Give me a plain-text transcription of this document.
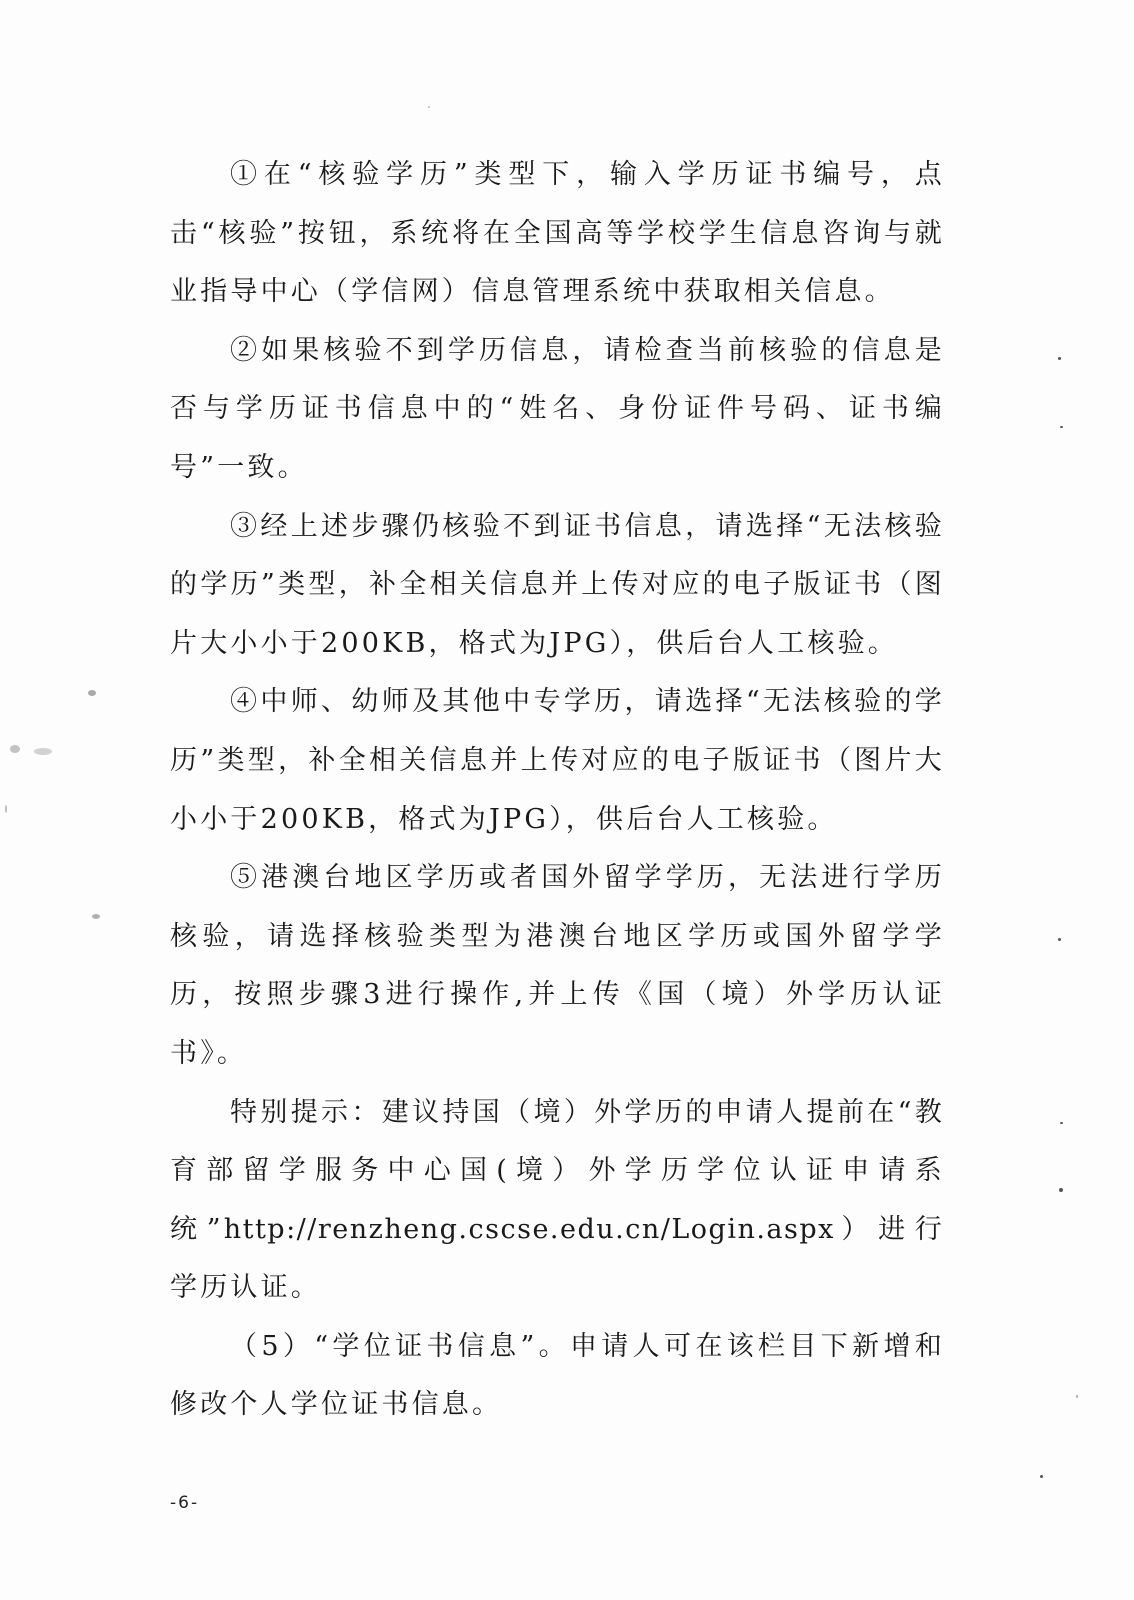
①在“核验学历”类型下，输入学历证书编号，点击“核验”按钮，系统将在全国高等学校学生信息咨询与就业指导中心（学信网）信息管理系统中获取相关信息。

②如果核验不到学历信息，请检查当前核验的信息是否与学历证书信息中的“姓名、身份证件号码、证书编号”一致。

③经上述步骤仍核验不到证书信息，请选择“无法核验的学历”类型，补全相关信息并上传对应的电子版证书（图片大小小于200KB，格式为JPG），供后台人工核验。

④中师、幼师及其他中专学历，请选择“无法核验的学历”类型，补全相关信息并上传对应的电子版证书（图片大小小于200KB，格式为JPG），供后台人工核验。

⑤港澳台地区学历或者国外留学学历，无法进行学历核验，请选择核验类型为港澳台地区学历或国外留学学历，按照步骤3进行操作,并上传《国（境）外学历认证书》。

特别提示：建议持国（境）外学历的申请人提前在“教育部留学服务中心国(境）外学历学位认证申请系统”http://renzheng.cscse.edu.cn/Login.aspx）进行学历认证。

（5）“学位证书信息”。申请人可在该栏目下新增和修改个人学位证书信息。

-6-
